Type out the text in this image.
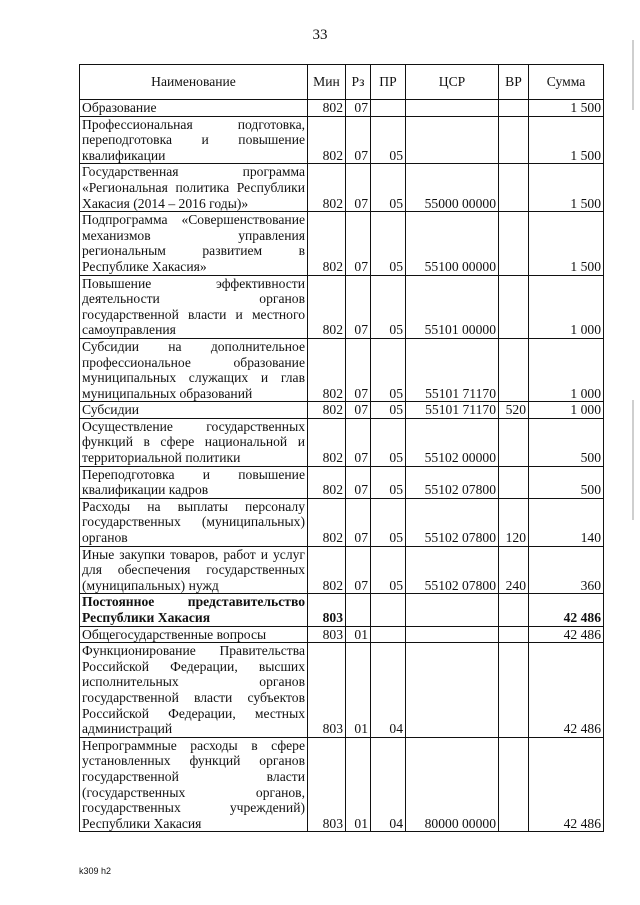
33
Наименование	Мин	Рз	ПР	ЦСР	ВР	Сумма
Образование	802	07				1 500
Профессиональная подготовка, переподготовка и повышение квалификации	802	07	05			1 500
Государственная программа «Региональная политика Республики Хакасия (2014 – 2016 годы)»	802	07	05	55000 00000		1 500
Подпрограмма «Совершенствование механизмов управления региональным развитием в Республике Хакасия»	802	07	05	55100 00000		1 500
Повышение эффективности деятельности органов государственной власти и местного самоуправления	802	07	05	55101 00000		1 000
Субсидии на дополнительное профессиональное образование муниципальных служащих и глав муниципальных образований	802	07	05	55101 71170		1 000
Субсидии	802	07	05	55101 71170	520	1 000
Осуществление государственных функций в сфере национальной и территориальной политики	802	07	05	55102 00000		500
Переподготовка и повышение квалификации кадров	802	07	05	55102 07800		500
Расходы на выплаты персоналу государственных (муниципальных) органов	802	07	05	55102 07800	120	140
Иные закупки товаров, работ и услуг для обеспечения государственных (муниципальных) нужд	802	07	05	55102 07800	240	360
Постоянное представительство Республики Хакасия	803					42 486
Общегосударственные вопросы	803	01				42 486
Функционирование Правительства Российской Федерации, высших исполнительных органов государственной власти субъектов Российской Федерации, местных администраций	803	01	04			42 486
Непрограммные расходы в сфере установленных функций органов государственной власти (государственных органов, государственных учреждений) Республики Хакасия	803	01	04	80000 00000		42 486
k309 h2
